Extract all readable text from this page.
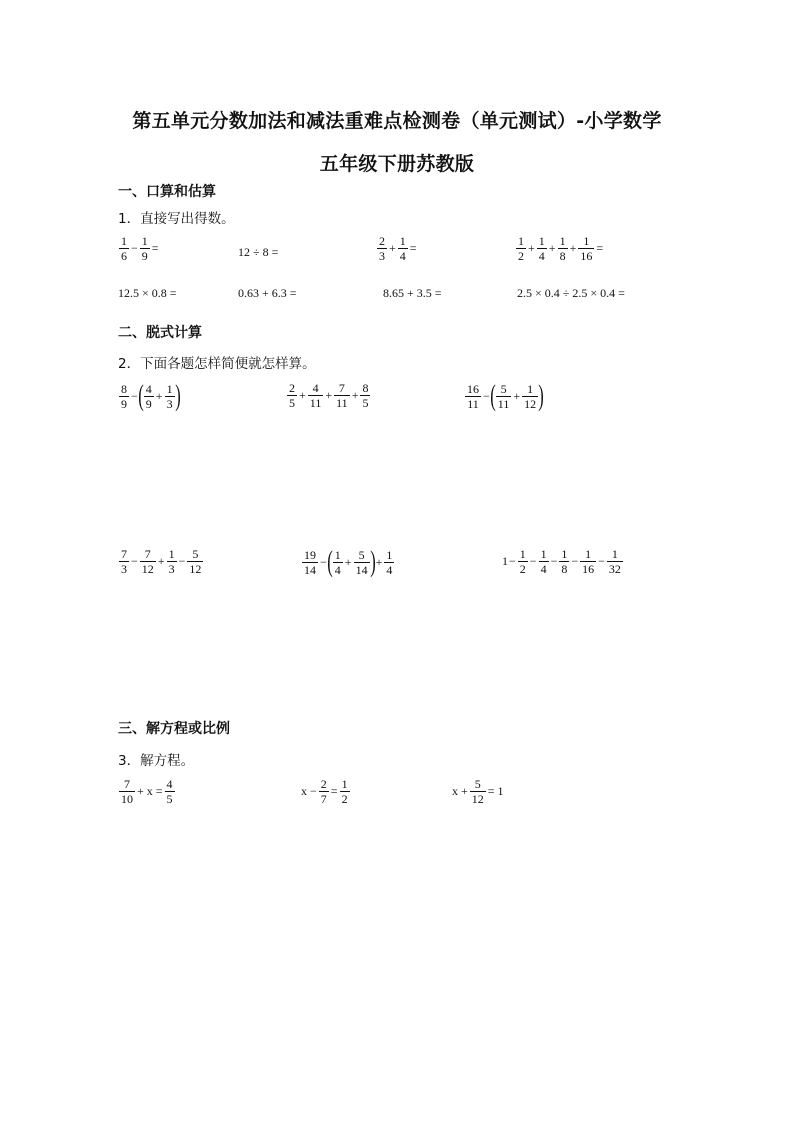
第五单元分数加法和减法重难点检测卷（单元测试）-小学数学
五年级下册苏教版
一、口算和估算
1．直接写出得数。
$\frac{1}{6} - \frac{1}{9}$ =	12 ÷ 8 =	$\frac{2}{3} + \frac{1}{4}$ =	$\frac{1}{2} + \frac{1}{4} + \frac{1}{8} + \frac{1}{16}$ =
12.5 × 0.8 =	0.63 + 6.3 =	8.65 + 3.5 =	2.5 × 0.4 ÷ 2.5 × 0.4 =
二、脱式计算
2．下面各题怎样简便就怎样算。
$\frac{8}{9}$ − ( $\frac{4}{9} + \frac{1}{3}$ )	$\frac{2}{5} + \frac{4}{11} + \frac{7}{11} + \frac{8}{5}$	$\frac{16}{11}$ − ( $\frac{5}{11} + \frac{1}{12}$ )
$\frac{7}{3} - \frac{7}{12} + \frac{1}{3} - \frac{5}{12}$	$\frac{19}{14}$ − ( $\frac{1}{4} + \frac{5}{14}$ ) + $\frac{1}{4}$	$1 - \frac{1}{2} - \frac{1}{4} - \frac{1}{8} - \frac{1}{16} - \frac{1}{32}$
三、解方程或比例
3．解方程。
$\frac{7}{10} + x = \frac{4}{5}$	$x - \frac{2}{7} = \frac{1}{2}$	$x + \frac{5}{12} = 1$
